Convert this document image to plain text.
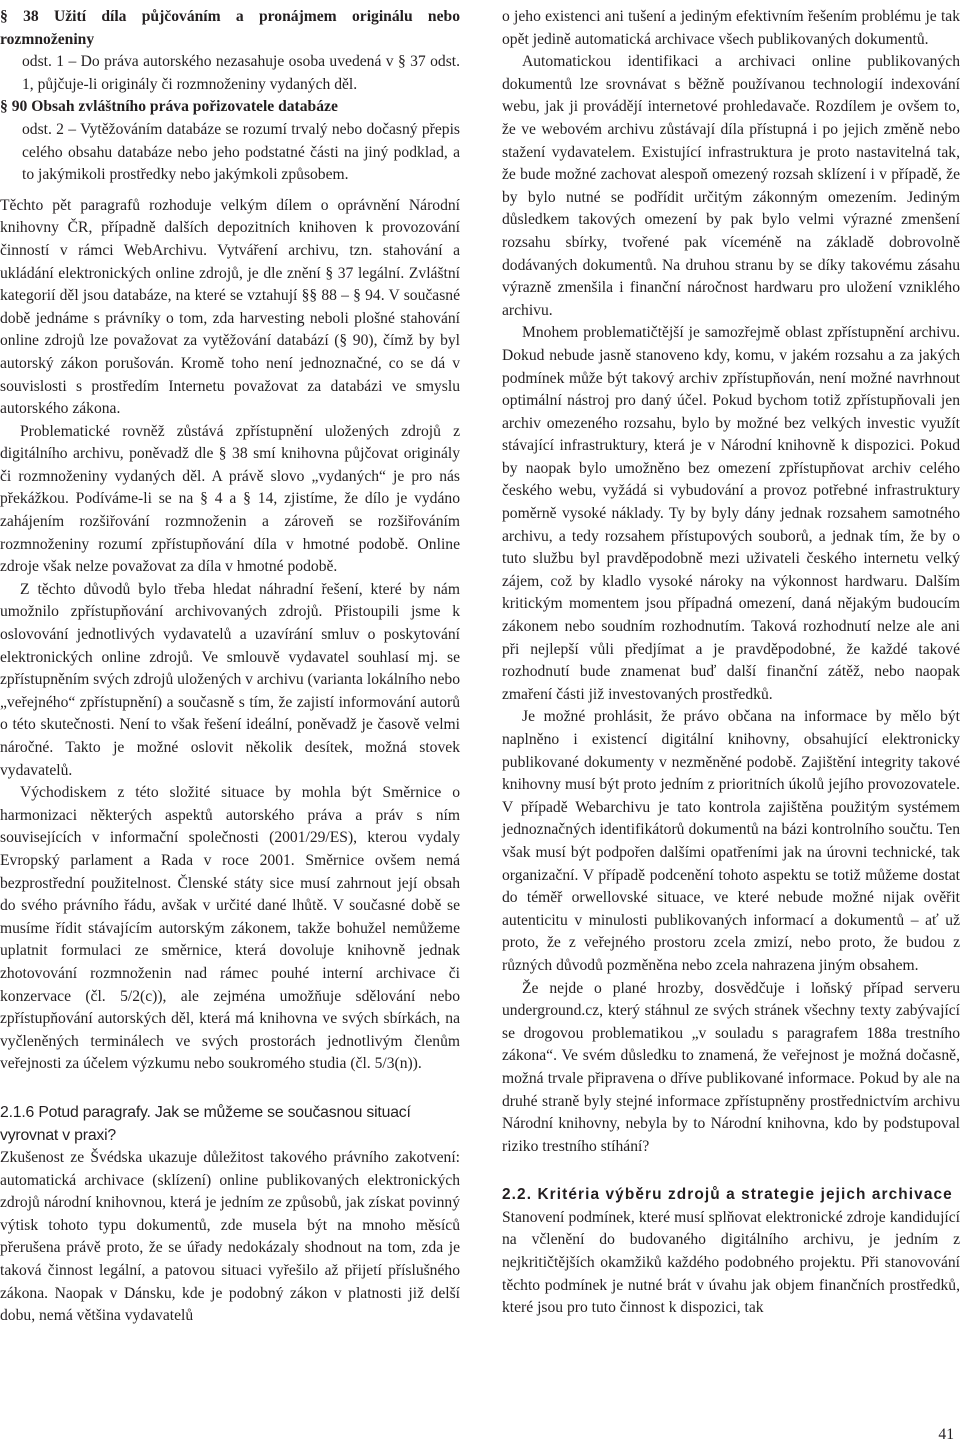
§ 38 Užití díla půjčováním a pronájmem originálu nebo rozmnoženiny

odst. 1 – Do práva autorského nezasahuje osoba uvedená v § 37 odst. 1, půjčuje-li originály či rozmnoženiny vydaných děl.

§ 90 Obsah zvláštního práva pořizovatele databáze

odst. 2 – Vytěžováním databáze se rozumí trvalý nebo dočasný přepis celého obsahu databáze nebo jeho podstatné části na jiný podklad, a to jakýmikoli prostředky nebo jakýmkoli způsobem.

Těchto pět paragrafů rozhoduje velkým dílem o oprávnění Národní knihovny ČR, případně dalších depozitních knihoven k provozování činností v rámci WebArchivu. Vytváření archivu, tzn. stahování a ukládání elektronických online zdrojů, je dle znění § 37 legální. Zvláštní kategorií děl jsou databáze, na které se vztahují §§ 88 – § 94. V současné době jednáme s právníky o tom, zda harvesting neboli plošné stahování online zdrojů lze považovat za vytěžování databází (§ 90), čímž by byl autorský zákon porušován. Kromě toho není jednoznačné, co se dá v souvislosti s prostředím Internetu považovat za databázi ve smyslu autorského zákona.

Problematické rovněž zůstává zpřístupnění uložených zdrojů z digitálního archivu, poněvadž dle § 38 smí knihovna půjčovat originály či rozmnoženiny vydaných děl. A právě slovo „vydaných“ je pro nás překážkou. Podíváme-li se na § 4 a § 14, zjistíme, že dílo je vydáno zahájením rozšiřování rozmnoženin a zároveň se rozšiřováním rozmnoženiny rozumí zpřístupňování díla v hmotné podobě. Online zdroje však nelze považovat za díla v hmotné podobě.

Z těchto důvodů bylo třeba hledat náhradní řešení, které by nám umožnilo zpřístupňování archivovaných zdrojů. Přistoupili jsme k oslovování jednotlivých vydavatelů a uzavírání smluv o poskytování elektronických online zdrojů. Ve smlouvě vydavatel souhlasí mj. se zpřístupněním svých zdrojů uložených v archivu (varianta lokálního nebo „veřejného“ zpřístupnění) a současně s tím, že zajistí informování autorů o této skutečnosti. Není to však řešení ideální, poněvadž je časově velmi náročné. Takto je možné oslovit několik desítek, možná stovek vydavatelů.

Východiskem z této složité situace by mohla být Směrnice o harmonizaci některých aspektů autorského práva a práv s ním souvisejících v informační společnosti (2001/29/ES), kterou vydaly Evropský parlament a Rada v roce 2001. Směrnice ovšem nemá bezprostřední použitelnost. Členské státy sice musí zahrnout její obsah do svého právního řádu, avšak v určité dané lhůtě. V současné době se musíme řídit stávajícím autorským zákonem, takže bohužel nemůžeme uplatnit formulaci ze směrnice, která dovoluje knihovně jednak zhotovování rozmnoženin nad rámec pouhé interní archivace či konzervace (čl. 5/2(c)), ale zejména umožňuje sdělování nebo zpřístupňování autorských děl, která má knihovna ve svých sbírkách, na vyčleněných terminálech ve svých prostorách jednotlivým členům veřejnosti za účelem výzkumu nebo soukromého studia (čl. 5/3(n)).

2.1.6 Potud paragrafy. Jak se můžeme se současnou situací vyrovnat v praxi?

Zkušenost ze Švédska ukazuje důležitost takového právního zakotvení: automatická archivace (sklízení) online publikovaných elektronických zdrojů národní knihovnou, která je jedním ze způsobů, jak získat povinný výtisk tohoto typu dokumentů, zde musela být na mnoho měsíců přerušena právě proto, že se úřady nedokázaly shodnout na tom, zda je taková činnost legální, a patovou situaci vyřešilo až přijetí příslušného zákona. Naopak v Dánsku, kde je podobný zákon v platnosti již delší dobu, nemá většina vydavatelů

o jeho existenci ani tušení a jediným efektivním řešením problému je tak opět jedině automatická archivace všech publikovaných dokumentů.

Automatickou identifikaci a archivaci online publikovaných dokumentů lze srovnávat s běžně používanou technologií indexování webu, jak ji provádějí internetové prohledavače. Rozdílem je ovšem to, že ve webovém archivu zůstávají díla přístupná i po jejich změně nebo stažení vydavatelem. Existující infrastruktura je proto nastavitelná tak, že bude možné zachovat alespoň omezený rozsah sklízení i v případě, že by bylo nutné se podřídit určitým zákonným omezením. Jediným důsledkem takových omezení by pak bylo velmi výrazné zmenšení rozsahu sbírky, tvořené pak víceméně na základě dobrovolně dodávaných dokumentů. Na druhou stranu by se díky takovému zásahu výrazně zmenšila i finanční náročnost hardwaru pro uložení vzniklého archivu.

Mnohem problematičtější je samozřejmě oblast zpřístupnění archivu. Dokud nebude jasně stanoveno kdy, komu, v jakém rozsahu a za jakých podmínek může být takový archiv zpřístupňován, není možné navrhnout optimální nástroj pro daný účel. Pokud bychom totiž zpřístupňovali jen archiv omezeného rozsahu, bylo by možné bez velkých investic využít stávající infrastruktury, která je v Národní knihovně k dispozici. Pokud by naopak bylo umožněno bez omezení zpřístupňovat archiv celého českého webu, vyžádá si vybudování a provoz potřebné infrastruktury poměrně vysoké náklady. Ty by byly dány jednak rozsahem samotného archivu, a tedy rozsahem přístupových souborů, a jednak tím, že by o tuto službu byl pravděpodobně mezi uživateli českého internetu velký zájem, což by kladlo vysoké nároky na výkonnost hardwaru. Dalším kritickým momentem jsou případná omezení, daná nějakým budoucím zákonem nebo soudním rozhodnutím. Taková rozhodnutí nelze ale ani při nejlepší vůli předjímat a je pravděpodobné, že každé takové rozhodnutí bude znamenat buď další finanční zátěž, nebo naopak zmaření části již investovaných prostředků.

Je možné prohlásit, že právo občana na informace by mělo být naplněno i existencí digitální knihovny, obsahující elektronicky publikované dokumenty v nezměněné podobě. Zajištění integrity takové knihovny musí být proto jedním z prioritních úkolů jejího provozovatele. V případě Webarchivu je tato kontrola zajištěna použitým systémem jednoznačných identifikátorů dokumentů na bázi kontrolního součtu. Ten však musí být podpořen dalšími opatřeními jak na úrovni technické, tak organizační. V případě podcenění tohoto aspektu se totiž můžeme dostat do téměř orwellovské situace, ve které nebude možné nijak ověřit autenticitu v minulosti publikovaných informací a dokumentů – ať už proto, že z veřejného prostoru zcela zmizí, nebo proto, že budou z různých důvodů pozměněna nebo zcela nahrazena jiným obsahem.

Že nejde o plané hrozby, dosvědčuje i loňský případ serveru underground.cz, který stáhnul ze svých stránek všechny texty zabývající se drogovou problematikou „v souladu s paragrafem 188a trestního zákona“. Ve svém důsledku to znamená, že veřejnost je možná dočasně, možná trvale připravena o dříve publikované informace. Pokud by ale na druhé straně byly stejné informace zpřístupněny prostřednictvím archivu Národní knihovny, nebyla by to Národní knihovna, kdo by podstupoval riziko trestního stíhání?

2.2. Kritéria výběru zdrojů a strategie jejich archivace

Stanovení podmínek, které musí splňovat elektronické zdroje kandidující na včlenění do budovaného digitálního archivu, je jedním z nejkritičtějších okamžiků každého podobného projektu. Při stanovování těchto podmínek je nutné brát v úvahu jak objem finančních prostředků, které jsou pro tuto činnost k dispozici, tak

41
